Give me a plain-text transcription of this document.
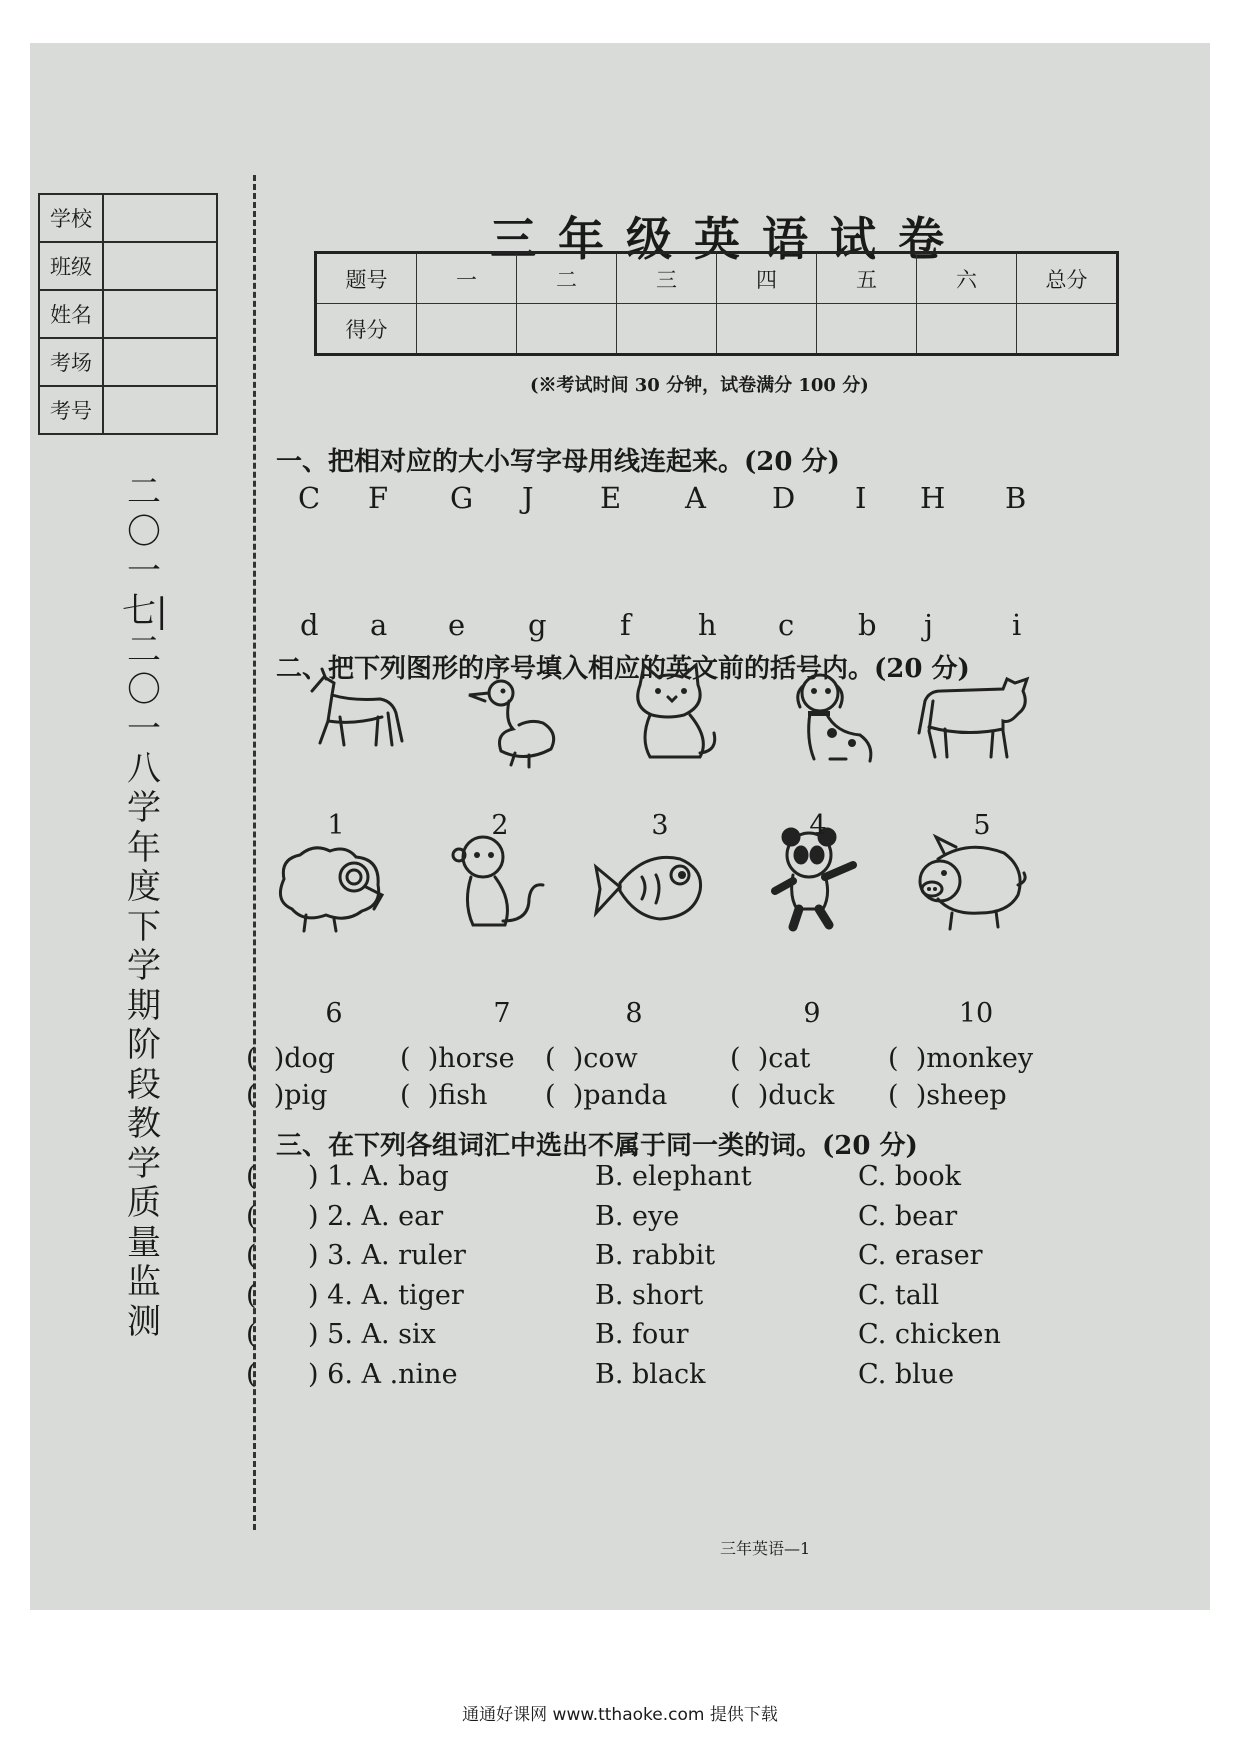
学校	
班级	
姓名	
考场	
考号	
二〇一七|二〇一八学年度下学期阶段教学质量监测
三年级英语试卷
题号	一	二	三	四	五	六	总分
得分							
(※考试时间 30 分钟，试卷满分 100 分)
一、把相对应的大小写字母用线连起来。(20 分)
C F G J E A D I H B
d a e g	f h c b j	i
二、把下列图形的序号填入相应的英文前的括号内。(20 分)
1	2	3	4	5
6	7	8	9	10
(  )dog (  )horse (  )cow	(  )cat	(  )monkey
(  )pig	(  )fish (  )panda (  )duck (  )sheep
三、在下列各组词汇中选出不属于同一类的词。(20 分)
(      ) 1. A. bag	B. elephant	C. book
(      ) 2. A. ear	B. eye	C. bear
(      ) 3. A. ruler	B. rabbit	C. eraser
(      ) 4. A. tiger	B. short	C. tall
(      ) 5. A. six	B. four	C. chicken
(      ) 6. A .nine	B. black	C. blue
三年英语—1
通通好课网 www.tthaoke.com 提供下载
